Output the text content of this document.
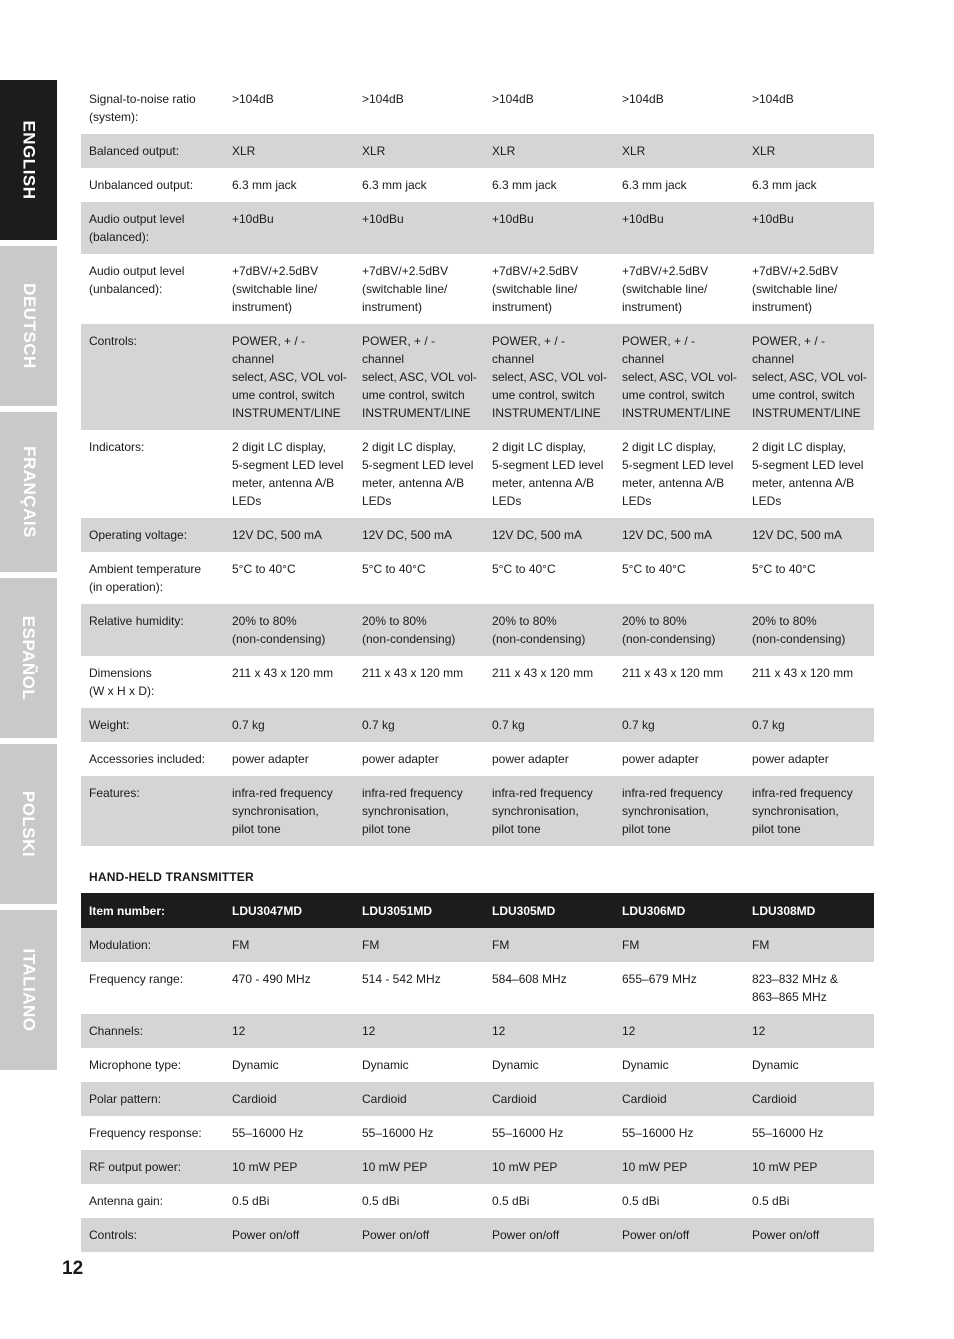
ENGLISH
DEUTSCH
FRANÇAIS
ESPAÑOL
POLSKI
ITALIANO
Signal-to-noise ratio
(system):	>104dB	>104dB	>104dB	>104dB	>104dB

Balanced output:	XLR	XLR	XLR	XLR	XLR

Unbalanced output:	6.3 mm jack	6.3 mm jack	6.3 mm jack	6.3 mm jack	6.3 mm jack

Audio output level
(balanced):	+10dBu	+10dBu	+10dBu	+10dBu	+10dBu

Audio output level
(unbalanced):	+7dBV/+2.5dBV
(switchable line/
instrument)	+7dBV/+2.5dBV
(switchable line/
instrument)	+7dBV/+2.5dBV
(switchable line/
instrument)	+7dBV/+2.5dBV
(switchable line/
instrument)	+7dBV/+2.5dBV
(switchable line/
instrument)

Controls:	POWER, + / - channel
select, ASC, VOL vol-
ume control, switch
INSTRUMENT/LINE	POWER, + / - channel
select, ASC, VOL vol-
ume control, switch
INSTRUMENT/LINE	POWER, + / - channel
select, ASC, VOL vol-
ume control, switch
INSTRUMENT/LINE	POWER, + / - channel
select, ASC, VOL vol-
ume control, switch
INSTRUMENT/LINE	POWER, + / - channel
select, ASC, VOL vol-
ume control, switch
INSTRUMENT/LINE

Indicators:	2 digit LC display,
5-segment LED level
meter, antenna A/B
LEDs	2 digit LC display,
5-segment LED level
meter, antenna A/B
LEDs	2 digit LC display,
5-segment LED level
meter, antenna A/B
LEDs	2 digit LC display,
5-segment LED level
meter, antenna A/B
LEDs	2 digit LC display,
5-segment LED level
meter, antenna A/B
LEDs

Operating voltage:	12V DC, 500 mA	12V DC, 500 mA	12V DC, 500 mA	12V DC, 500 mA	12V DC, 500 mA

Ambient temperature
(in operation):	5°C to 40°C	5°C to 40°C	5°C to 40°C	5°C to 40°C	5°C to 40°C

Relative humidity:	20% to 80%
(non-condensing)	20% to 80%
(non-condensing)	20% to 80%
(non-condensing)	20% to 80%
(non-condensing)	20% to 80%
(non-condensing)

Dimensions
(W x H x D):	211 x 43 x 120 mm	211 x 43 x 120 mm	211 x 43 x 120 mm	211 x 43 x 120 mm	211 x 43 x 120 mm

Weight:	0.7 kg	0.7 kg	0.7 kg	0.7 kg	0.7 kg

Accessories included:	power adapter	power adapter	power adapter	power adapter	power adapter

Features:	infra-red frequency
synchronisation,
pilot tone	infra-red frequency
synchronisation,
pilot tone	infra-red frequency
synchronisation,
pilot tone	infra-red frequency
synchronisation,
pilot tone	infra-red frequency
synchronisation,
pilot tone
HAND-HELD TRANSMITTER
Item number:	LDU3047MD	LDU3051MD	LDU305MD	LDU306MD	LDU308MD

Modulation:	FM	FM	FM	FM	FM

Frequency range:	470 - 490 MHz	514 - 542 MHz	584–608 MHz	655–679 MHz	823–832 MHz &
863–865 MHz

Channels:	12	12	12	12	12

Microphone type:	Dynamic	Dynamic	Dynamic	Dynamic	Dynamic

Polar pattern:	Cardioid	Cardioid	Cardioid	Cardioid	Cardioid

Frequency response:	55–16000 Hz	55–16000 Hz	55–16000 Hz	55–16000 Hz	55–16000 Hz

RF output power:	10 mW PEP	10 mW PEP	10 mW PEP	10 mW PEP	10 mW PEP

Antenna gain:	0.5 dBi	0.5 dBi	0.5 dBi	0.5 dBi	0.5 dBi

Controls:	Power on/off	Power on/off	Power on/off	Power on/off	Power on/off
12
